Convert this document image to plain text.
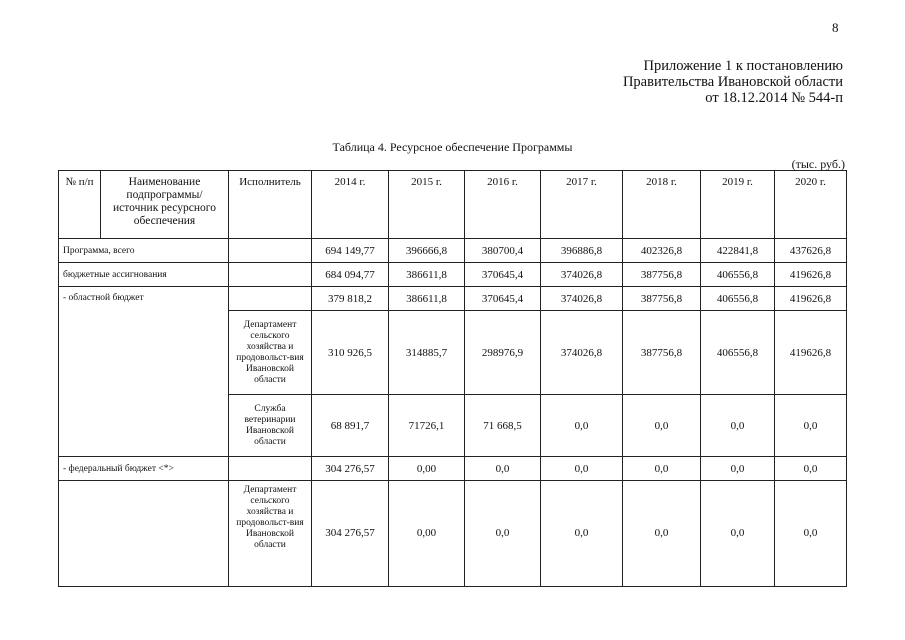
8
Приложение 1 к постановлению
Правительства Ивановской области
от 18.12.2014 № 544-п
Таблица 4. Ресурсное обеспечение Программы
(тыс. руб.)
№ п/п	Наименование подпрограммы/ источник ресурсного обеспечения	Исполнитель	2014 г.	2015 г.	2016 г.	2017 г.	2018 г.	2019 г.	2020 г.
Программа, всего			694 149,77	396666,8	380700,4	396886,8	402326,8	422841,8	437626,8
бюджетные ассигнования			684 094,77	386611,8	370645,4	374026,8	387756,8	406556,8	419626,8
- областной бюджет			379 818,2	386611,8	370645,4	374026,8	387756,8	406556,8	419626,8
		Департамент сельского хозяйства и продовольст-вия Ивановской области	310 926,5	314885,7	298976,9	374026,8	387756,8	406556,8	419626,8
		Служба ветеринарии Ивановской области	68 891,7	71726,1	71 668,5	0,0	0,0	0,0	0,0
- федеральный бюджет <*>			304 276,57	0,00	0,0	0,0	0,0	0,0	0,0
		Департамент сельского хозяйства и продовольст-вия Ивановской области	304 276,57	0,00	0,0	0,0	0,0	0,0	0,0
